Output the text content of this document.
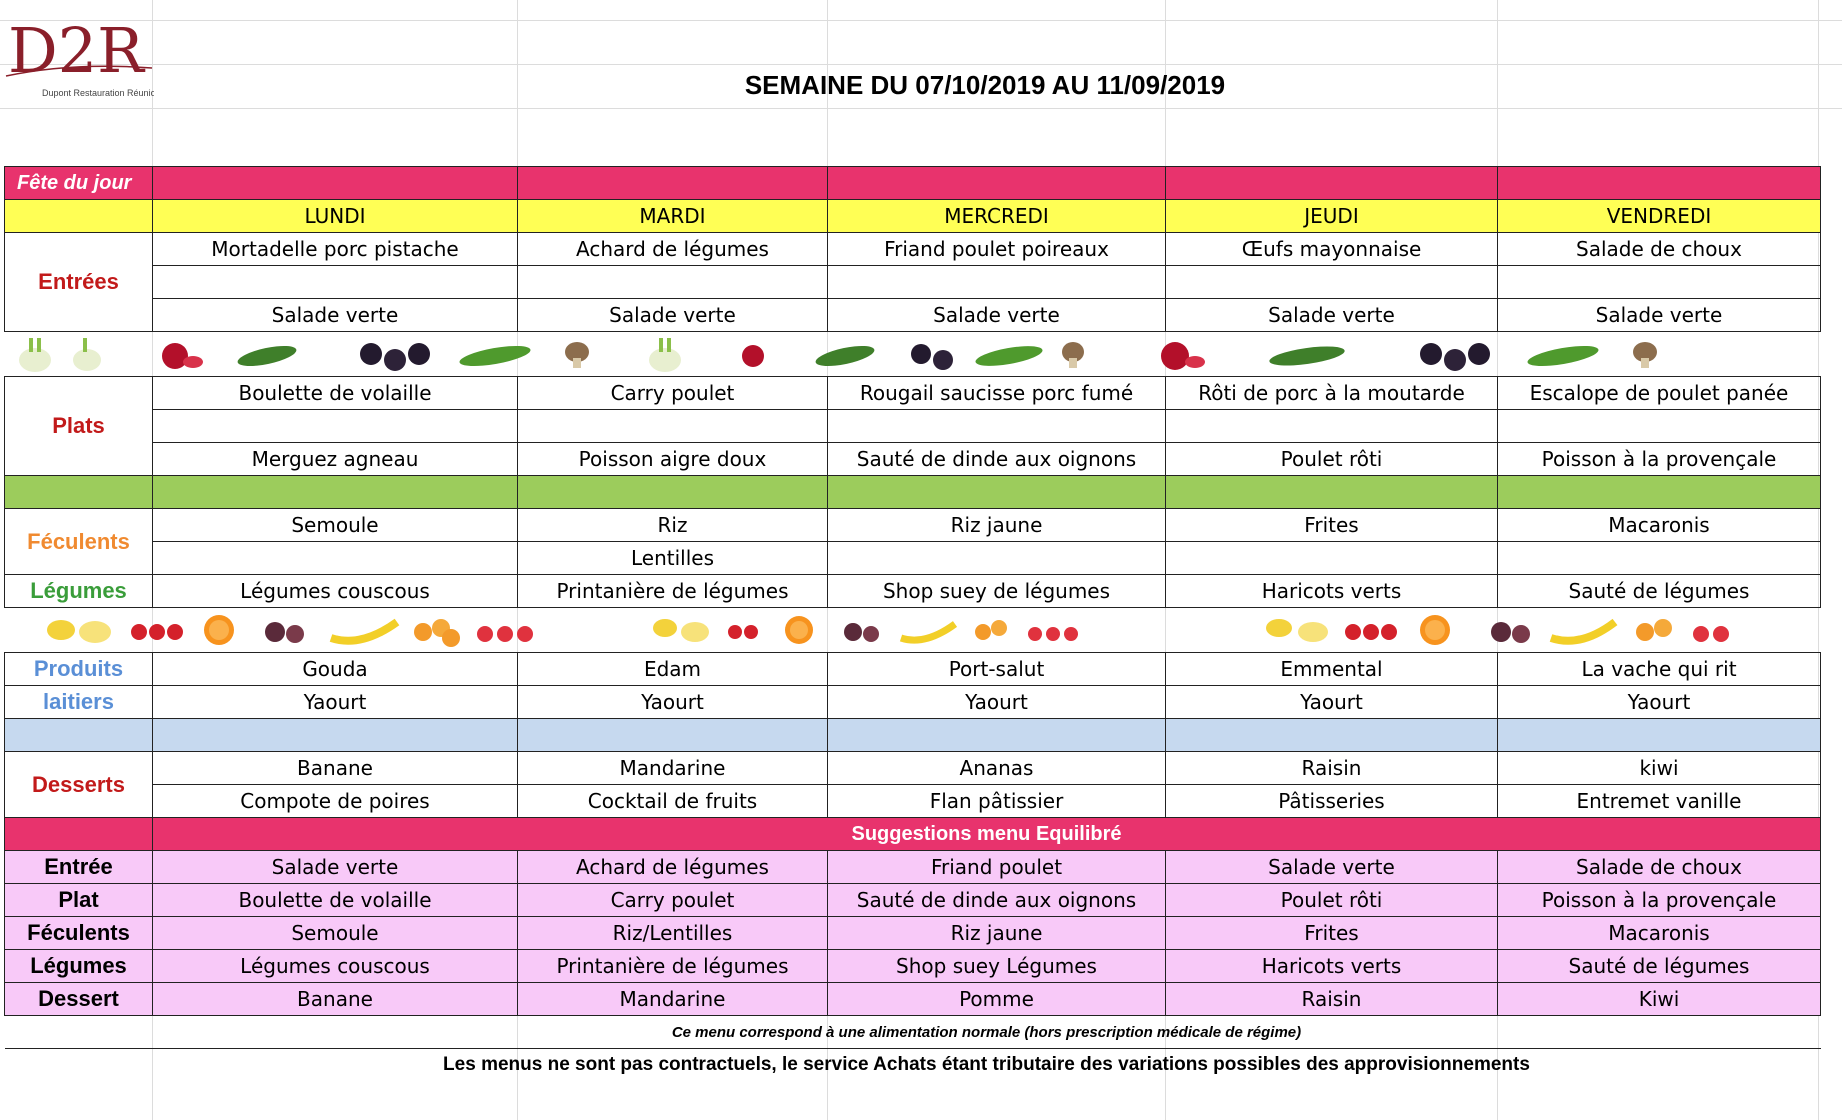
D2R
Dupont Restauration Réunion	SEMAINE DU 07/10/2019 AU 11/09/2019
Fête du jour					
	LUNDI	MARDI	MERCREDI	JEUDI	VENDREDI
Entrées	Mortadelle porc pistache	Achard de légumes	Friand poulet poireaux	Œufs mayonnaise	Salade de choux

	Salade verte	Salade verte	Salade verte	Salade verte	Salade verte

Plats	Boulette de volaille	Carry poulet	Rougail saucisse porc fumé	Rôti de porc à la moutarde	Escalope de poulet panée

	Merguez agneau	Poisson aigre doux	Sauté de dinde aux oignons	Poulet rôti	Poisson à la provençale

Féculents	Semoule	Riz	Riz jaune	Frites	Macaronis
		Lentilles			
Légumes	Légumes couscous	Printanière de légumes	Shop suey de légumes	Haricots verts	Sauté de légumes

Produits	Gouda	Edam	Port-salut	Emmental	La vache qui rit
laitiers	Yaourt	Yaourt	Yaourt	Yaourt	Yaourt

Desserts	Banane	Mandarine	Ananas	Raisin	kiwi
	Compote de poires	Cocktail de fruits	Flan pâtissier	Pâtisseries	Entremet vanille
	Suggestions menu Equilibré				
Entrée	Salade verte	Achard de légumes	Friand poulet	Salade verte	Salade de choux
Plat	Boulette de volaille	Carry poulet	Sauté de dinde aux oignons	Poulet rôti	Poisson à la provençale
Féculents	Semoule	Riz/Lentilles	Riz jaune	Frites	Macaronis
Légumes	Légumes couscous	Printanière de légumes	Shop suey Légumes	Haricots verts	Sauté de légumes
Dessert	Banane	Mandarine	Pomme	Raisin	Kiwi
	Ce menu correspond à une alimentation normale (hors prescription médicale de régime)				
	Les menus ne sont pas contractuels, le service Achats étant tributaire des variations possibles des approvisionnements				
